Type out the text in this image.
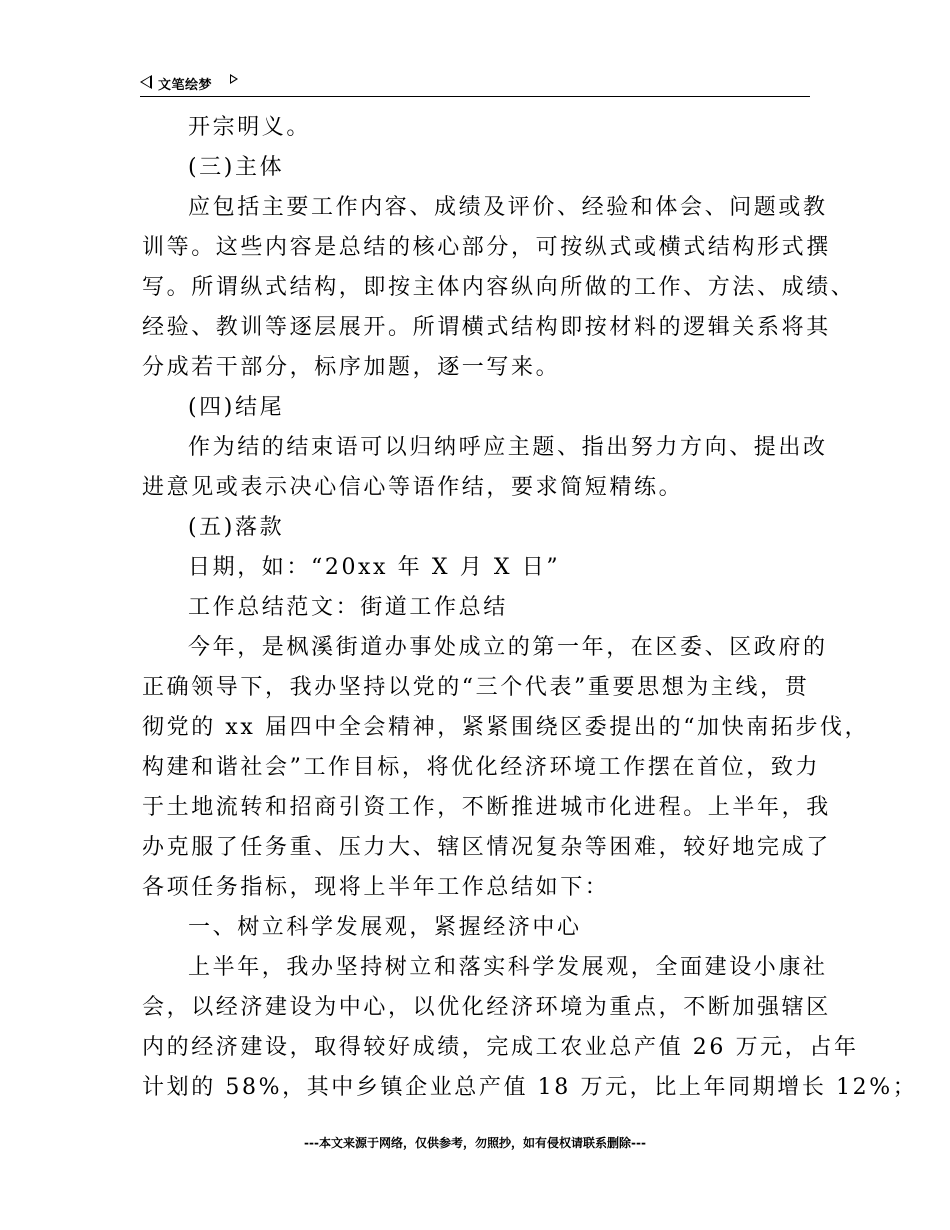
文笔绘梦
开宗明义。
(三)主体
应包括主要工作内容、成绩及评价、经验和体会、问题或教
训等。这些内容是总结的核心部分，可按纵式或横式结构形式撰
写。所谓纵式结构，即按主体内容纵向所做的工作、方法、成绩、
经验、教训等逐层展开。所谓横式结构即按材料的逻辑关系将其
分成若干部分，标序加题，逐一写来。
(四)结尾
作为结的结束语可以归纳呼应主题、指出努力方向、提出改
进意见或表示决心信心等语作结，要求简短精练。
(五)落款
日期，如：“20xx 年 X 月 X 日”
工作总结范文：街道工作总结
今年，是枫溪街道办事处成立的第一年，在区委、区政府的
正确领导下，我办坚持以党的“三个代表”重要思想为主线，贯
彻党的 xx 届四中全会精神，紧紧围绕区委提出的“加快南拓步伐，
构建和谐社会”工作目标，将优化经济环境工作摆在首位，致力
于土地流转和招商引资工作，不断推进城市化进程。上半年，我
办克服了任务重、压力大、辖区情况复杂等困难，较好地完成了
各项任务指标，现将上半年工作总结如下：
一、树立科学发展观，紧握经济中心
上半年，我办坚持树立和落实科学发展观，全面建设小康社
会，以经济建设为中心，以优化经济环境为重点，不断加强辖区
内的经济建设，取得较好成绩，完成工农业总产值 26 万元，占年
计划的 58%，其中乡镇企业总产值 18 万元，比上年同期增长 12%；
---本文来源于网络，仅供参考，勿照抄，如有侵权请联系删除---
